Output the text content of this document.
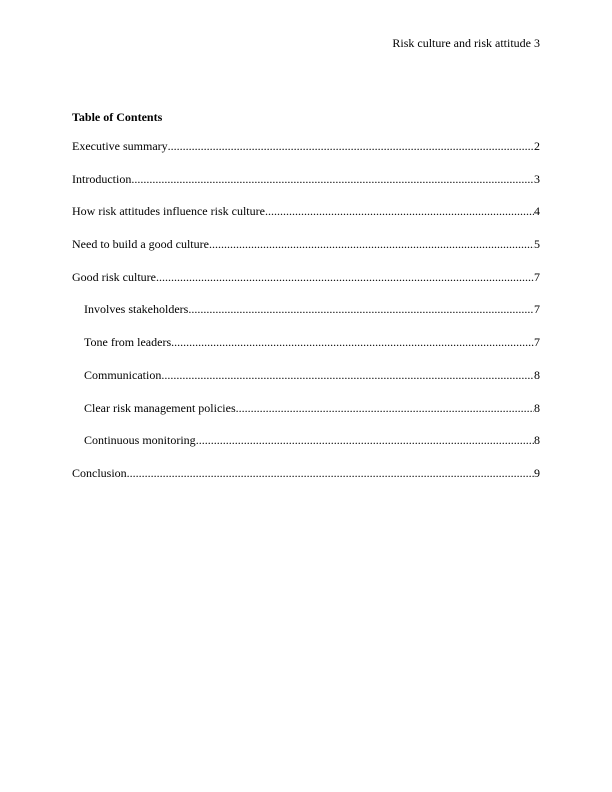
Risk culture and risk attitude 3
Table of Contents
Executive summary .....	2
Introduction .....	3
How risk attitudes influence risk culture .....	4
Need to build a good culture .....	5
Good risk culture .....	7
Involves stakeholders .....	7
Tone from leaders .....	7
Communication .....	8
Clear risk management policies .....	8
Continuous monitoring .....	8
Conclusion .....	9
